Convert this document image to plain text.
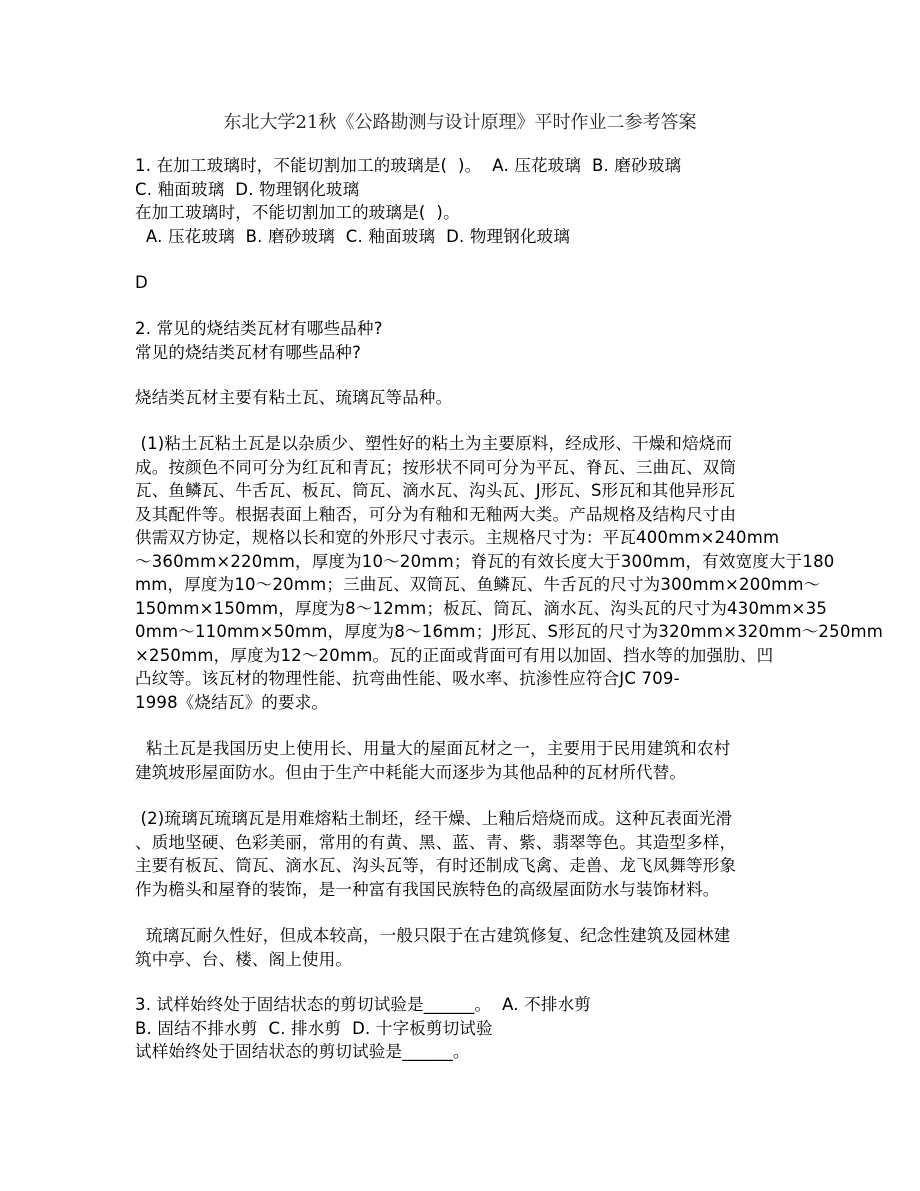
东北大学21秋《公路勘测与设计原理》平时作业二参考答案
1. 在加工玻璃时，不能切割加工的玻璃是(  )。  A. 压花玻璃  B. 磨砂玻璃
C. 釉面玻璃  D. 物理钢化玻璃
在加工玻璃时，不能切割加工的玻璃是(  )。
A. 压花玻璃  B. 磨砂玻璃  C. 釉面玻璃  D. 物理钢化玻璃
D
2. 常见的烧结类瓦材有哪些品种?
常见的烧结类瓦材有哪些品种?
烧结类瓦材主要有粘土瓦、琉璃瓦等品种。
(1)粘土瓦粘土瓦是以杂质少、塑性好的粘土为主要原料，经成形、干燥和焙烧而
成。按颜色不同可分为红瓦和青瓦；按形状不同可分为平瓦、脊瓦、三曲瓦、双筒
瓦、鱼鳞瓦、牛舌瓦、板瓦、筒瓦、滴水瓦、沟头瓦、J形瓦、S形瓦和其他异形瓦
及其配件等。根据表面上釉否，可分为有釉和无釉两大类。产品规格及结构尺寸由
供需双方协定，规格以长和宽的外形尺寸表示。主规格尺寸为：平瓦400mm×240mm
～360mm×220mm，厚度为10～20mm；脊瓦的有效长度大于300mm，有效宽度大于180
mm，厚度为10～20mm；三曲瓦、双筒瓦、鱼鳞瓦、牛舌瓦的尺寸为300mm×200mm～
150mm×150mm，厚度为8～12mm；板瓦、筒瓦、滴水瓦、沟头瓦的尺寸为430mm×35
0mm～110mm×50mm，厚度为8～16mm；J形瓦、S形瓦的尺寸为320mm×320mm～250mm
×250mm，厚度为12～20mm。瓦的正面或背面可有用以加固、挡水等的加强肋、凹
凸纹等。该瓦材的物理性能、抗弯曲性能、吸水率、抗渗性应符合JC 709-
1998《烧结瓦》的要求。
粘土瓦是我国历史上使用长、用量大的屋面瓦材之一，主要用于民用建筑和农村
建筑坡形屋面防水。但由于生产中耗能大而逐步为其他品种的瓦材所代替。
(2)琉璃瓦琉璃瓦是用难熔粘土制坯，经干燥、上釉后焙烧而成。这种瓦表面光滑
、质地坚硬、色彩美丽，常用的有黄、黑、蓝、青、紫、翡翠等色。其造型多样，
主要有板瓦、筒瓦、滴水瓦、沟头瓦等，有时还制成飞禽、走兽、龙飞凤舞等形象
作为檐头和屋脊的装饰，是一种富有我国民族特色的高级屋面防水与装饰材料。
琉璃瓦耐久性好，但成本较高，一般只限于在古建筑修复、纪念性建筑及园林建
筑中亭、台、楼、阁上使用。
3. 试样始终处于固结状态的剪切试验是______。  A. 不排水剪
B. 固结不排水剪  C. 排水剪  D. 十字板剪切试验
试样始终处于固结状态的剪切试验是______。
